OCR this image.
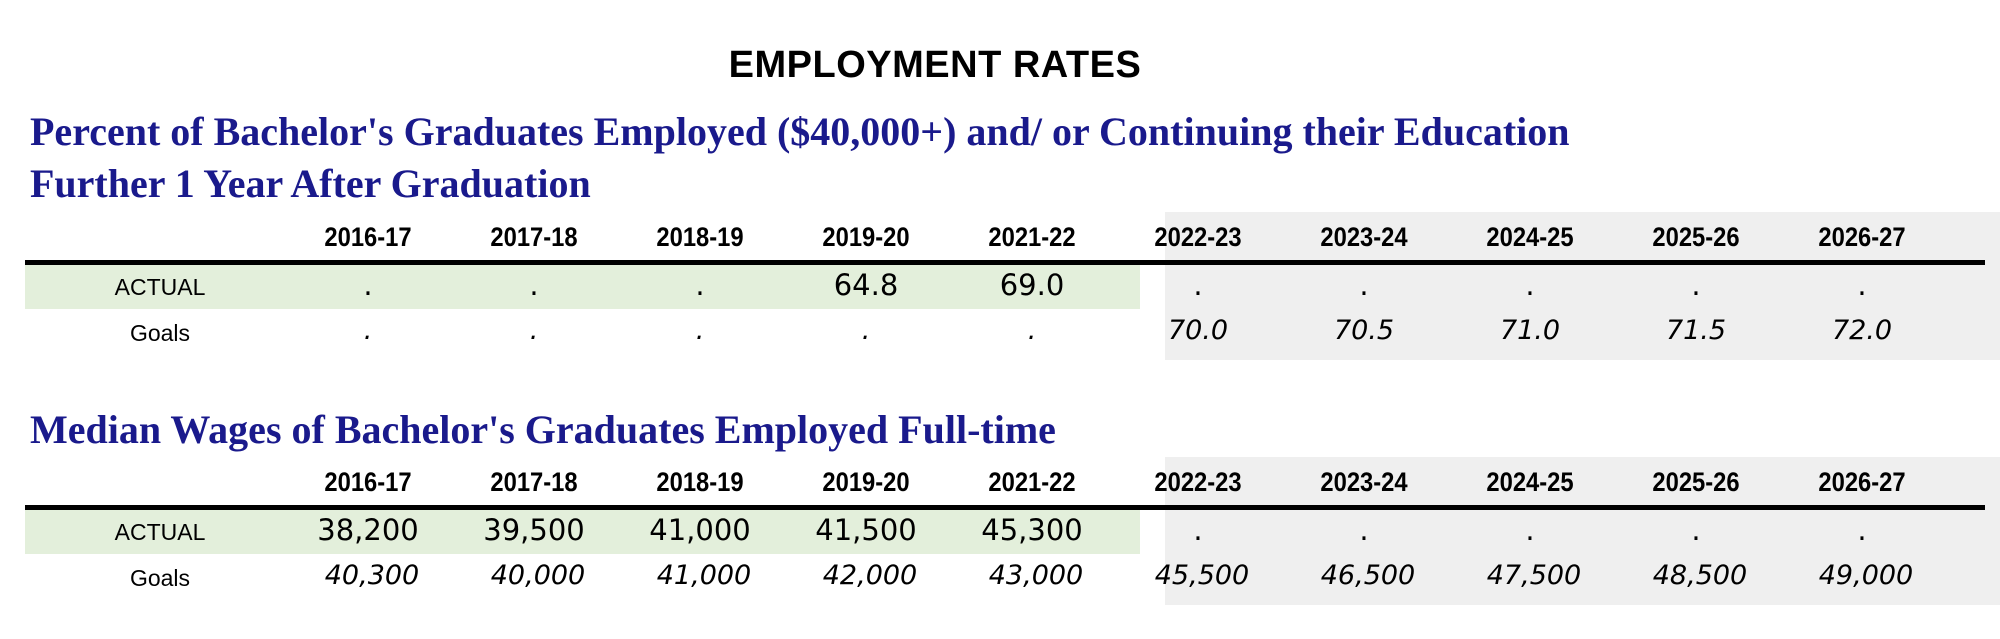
EMPLOYMENT RATES
Percent of Bachelor's Graduates Employed ($40,000+) and/ or Continuing their Education
Further 1 Year After Graduation
ACTUAL
Goals
2016-17	2017-18	2018-19	2019-20	2021-22	2022-23	2023-24	2024-25	2025-26	2026-27
.	.	.	64.8	69.0	.	.	.	.	.
.	.	.	.	.	70.0	70.5	71.0	71.5	72.0
Median Wages of Bachelor's Graduates Employed Full-time
ACTUAL
Goals
2016-17	2017-18	2018-19	2019-20	2021-22	2022-23	2023-24	2024-25	2025-26	2026-27
38,200	39,500	41,000	41,500	45,300	.	.	.	.	.
40,300	40,000	41,000	42,000	43,000	45,500	46,500	47,500	48,500	49,000
